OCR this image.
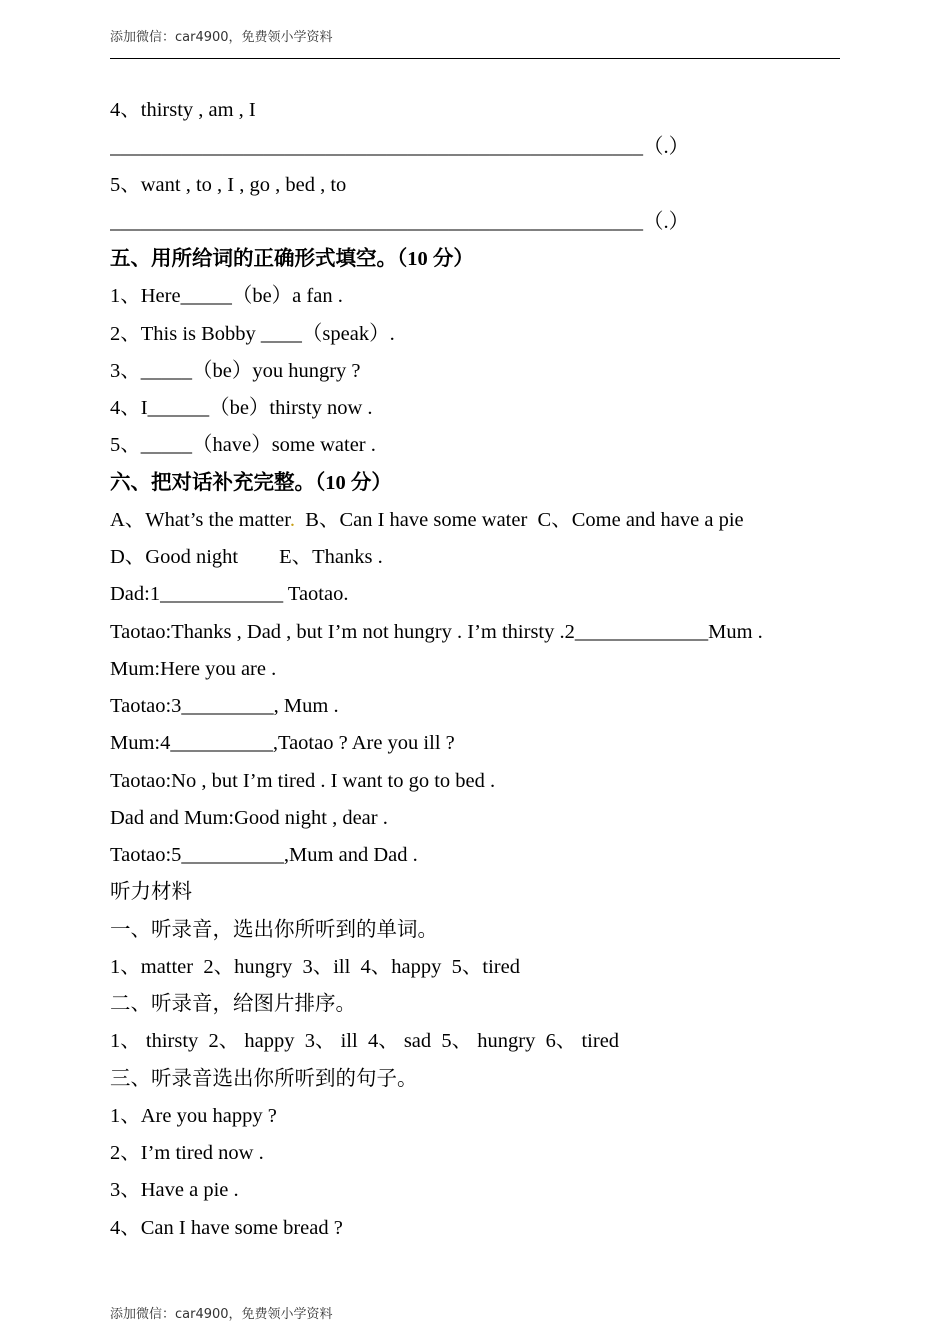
添加微信：car4900，免费领小学资料
4、thirsty , am , I
____________________________________________________（.）
5、want , to , I , go , bed , to
____________________________________________________（.）
五、用所给词的正确形式填空。（10 分）
1、Here_____（be）a fan .
2、This is Bobby ____（speak）.
3、_____（be）you hungry ?
4、I______（be）thirsty now .
5、_____（have）some water .
六、把对话补充完整。（10 分）
A、What’s the matter.  B、Can I have some water  C、Come and have a pie
D、Good night        E、Thanks .
Dad:1____________ Taotao.
Taotao:Thanks , Dad , but I’m not hungry . I’m thirsty .2_____________Mum .
Mum:Here you are .
Taotao:3_________, Mum .
Mum:4__________,Taotao ? Are you ill ?
Taotao:No , but I’m tired . I want to go to bed .
Dad and Mum:Good night , dear .
Taotao:5__________,Mum and Dad .
听力材料
一、听录音，选出你所听到的单词。
1、matter  2、hungry  3、ill  4、happy  5、tired
二、听录音，给图片排序。
1、 thirsty  2、 happy  3、 ill  4、 sad  5、 hungry  6、 tired
三、听录音选出你所听到的句子。
1、Are you happy ?
2、I’m tired now .
3、Have a pie .
4、Can I have some bread ?
添加微信：car4900，免费领小学资料
